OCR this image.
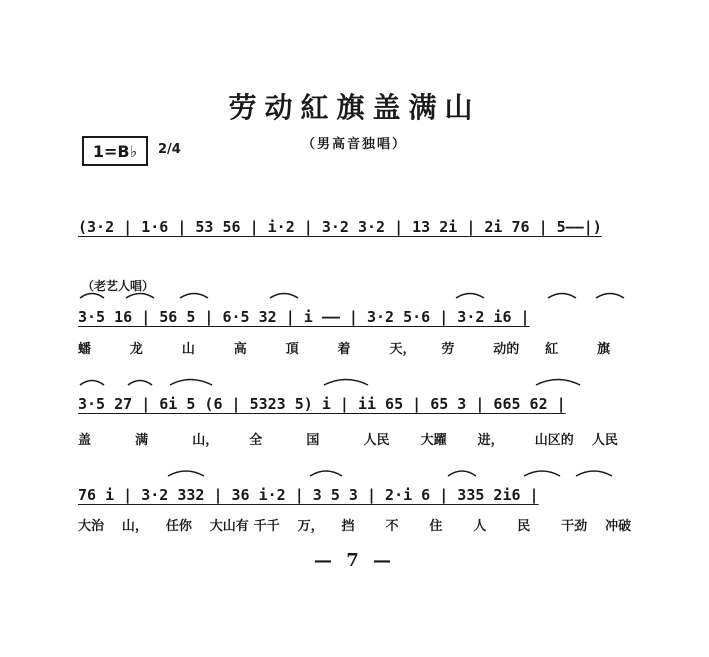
劳动紅旗盖满山
（男高音独唱）
1=B♭	2/4
(3·2 | 1·6 | 53 56 | i·2 | 3·2 3·2 | 13 2i | 2i 76 | 5——|)
（老艺人唱）
3·5 16 | 56 5 | 6·5 32 | i —— | 3·2 5·6 | 3·2 i6 |
蟠	龙	山	高	頂	着	天，	劳	动的	紅	旗
3·5 27 | 6i 5 (6 | 5323 5) i | ii 65 | 65 3 | 665 62 |
盖	满	山，	全	国	人民	大躍	进，	山区的	人民
76 i | 3·2 332 | 36 i·2 | 3 5 3 | 2·i 6 | 335 2i6 |
大治	山，	任你	大山有 千千	万，	挡	不	住	人	民	干劲	冲破
— 7 —
